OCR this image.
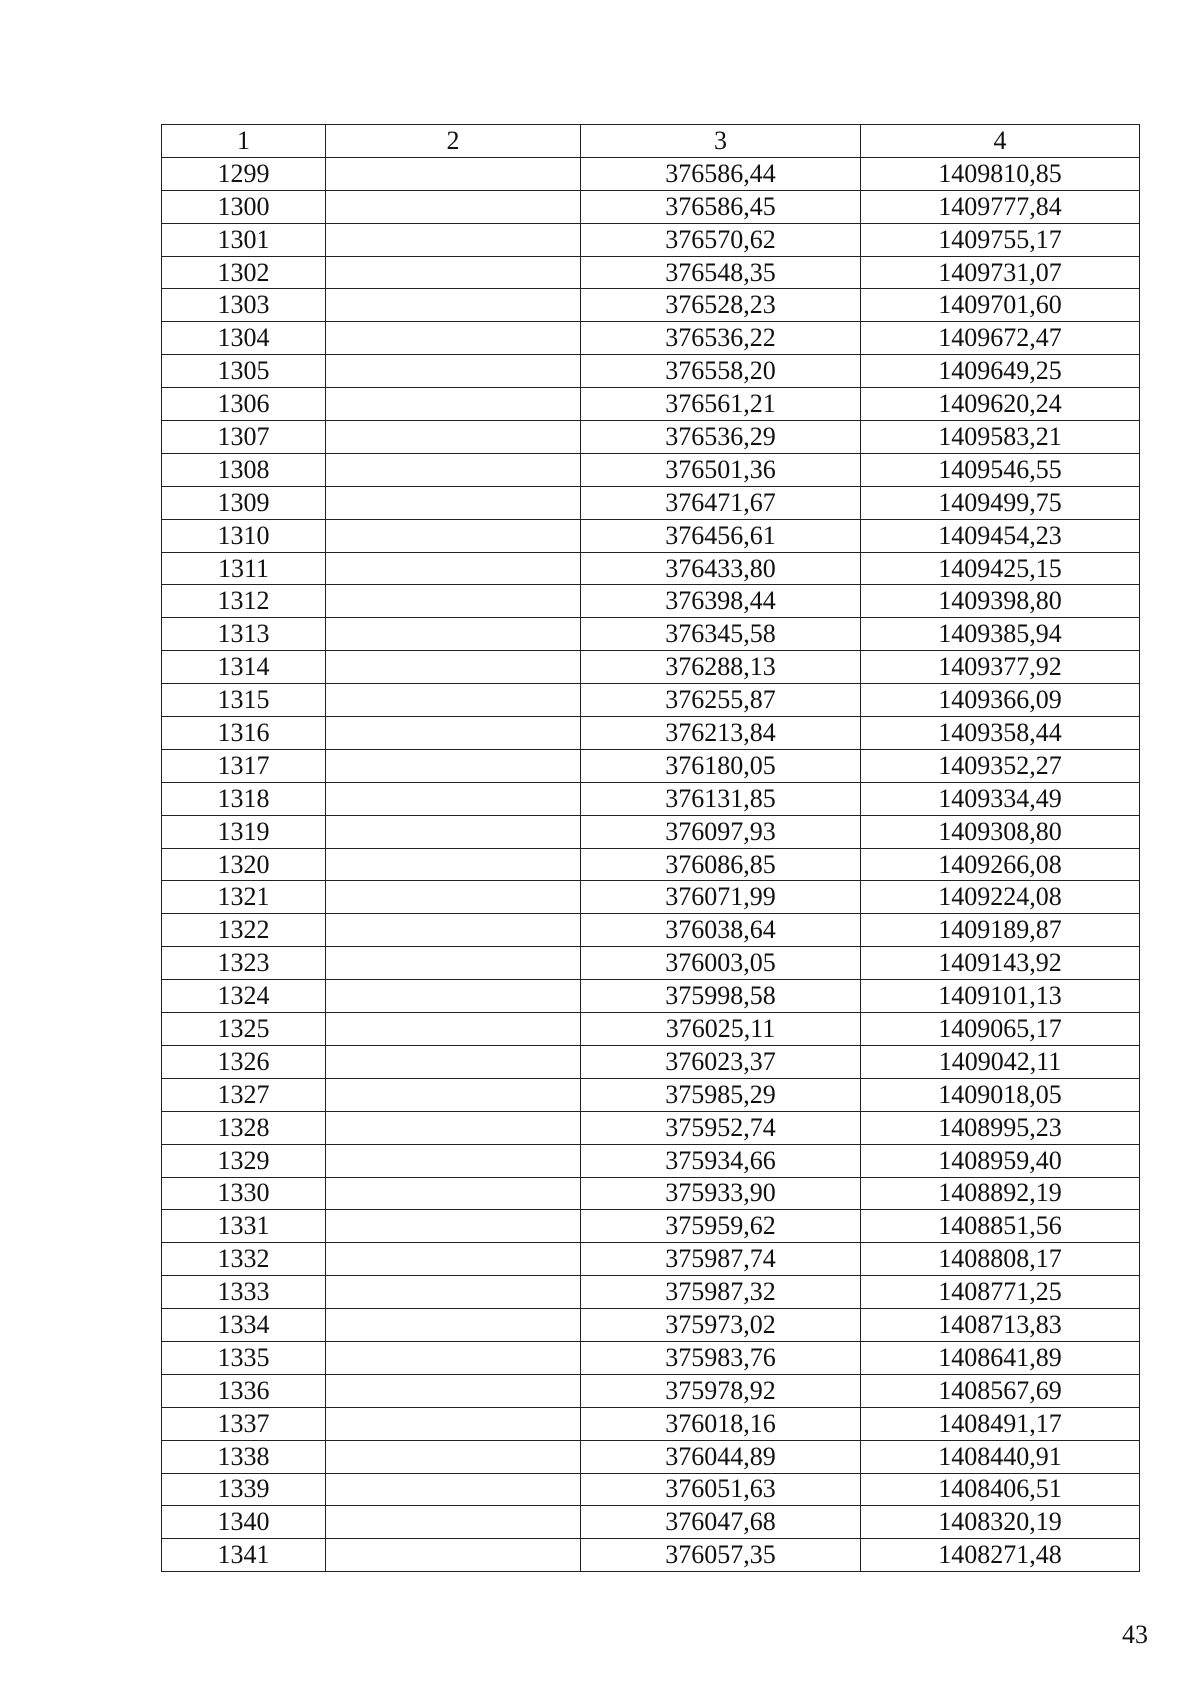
1	2	3	4
1299		376586,44	1409810,85
1300		376586,45	1409777,84
1301		376570,62	1409755,17
1302		376548,35	1409731,07
1303		376528,23	1409701,60
1304		376536,22	1409672,47
1305		376558,20	1409649,25
1306		376561,21	1409620,24
1307		376536,29	1409583,21
1308		376501,36	1409546,55
1309		376471,67	1409499,75
1310		376456,61	1409454,23
1311		376433,80	1409425,15
1312		376398,44	1409398,80
1313		376345,58	1409385,94
1314		376288,13	1409377,92
1315		376255,87	1409366,09
1316		376213,84	1409358,44
1317		376180,05	1409352,27
1318		376131,85	1409334,49
1319		376097,93	1409308,80
1320		376086,85	1409266,08
1321		376071,99	1409224,08
1322		376038,64	1409189,87
1323		376003,05	1409143,92
1324		375998,58	1409101,13
1325		376025,11	1409065,17
1326		376023,37	1409042,11
1327		375985,29	1409018,05
1328		375952,74	1408995,23
1329		375934,66	1408959,40
1330		375933,90	1408892,19
1331		375959,62	1408851,56
1332		375987,74	1408808,17
1333		375987,32	1408771,25
1334		375973,02	1408713,83
1335		375983,76	1408641,89
1336		375978,92	1408567,69
1337		376018,16	1408491,17
1338		376044,89	1408440,91
1339		376051,63	1408406,51
1340		376047,68	1408320,19
1341		376057,35	1408271,48
43
